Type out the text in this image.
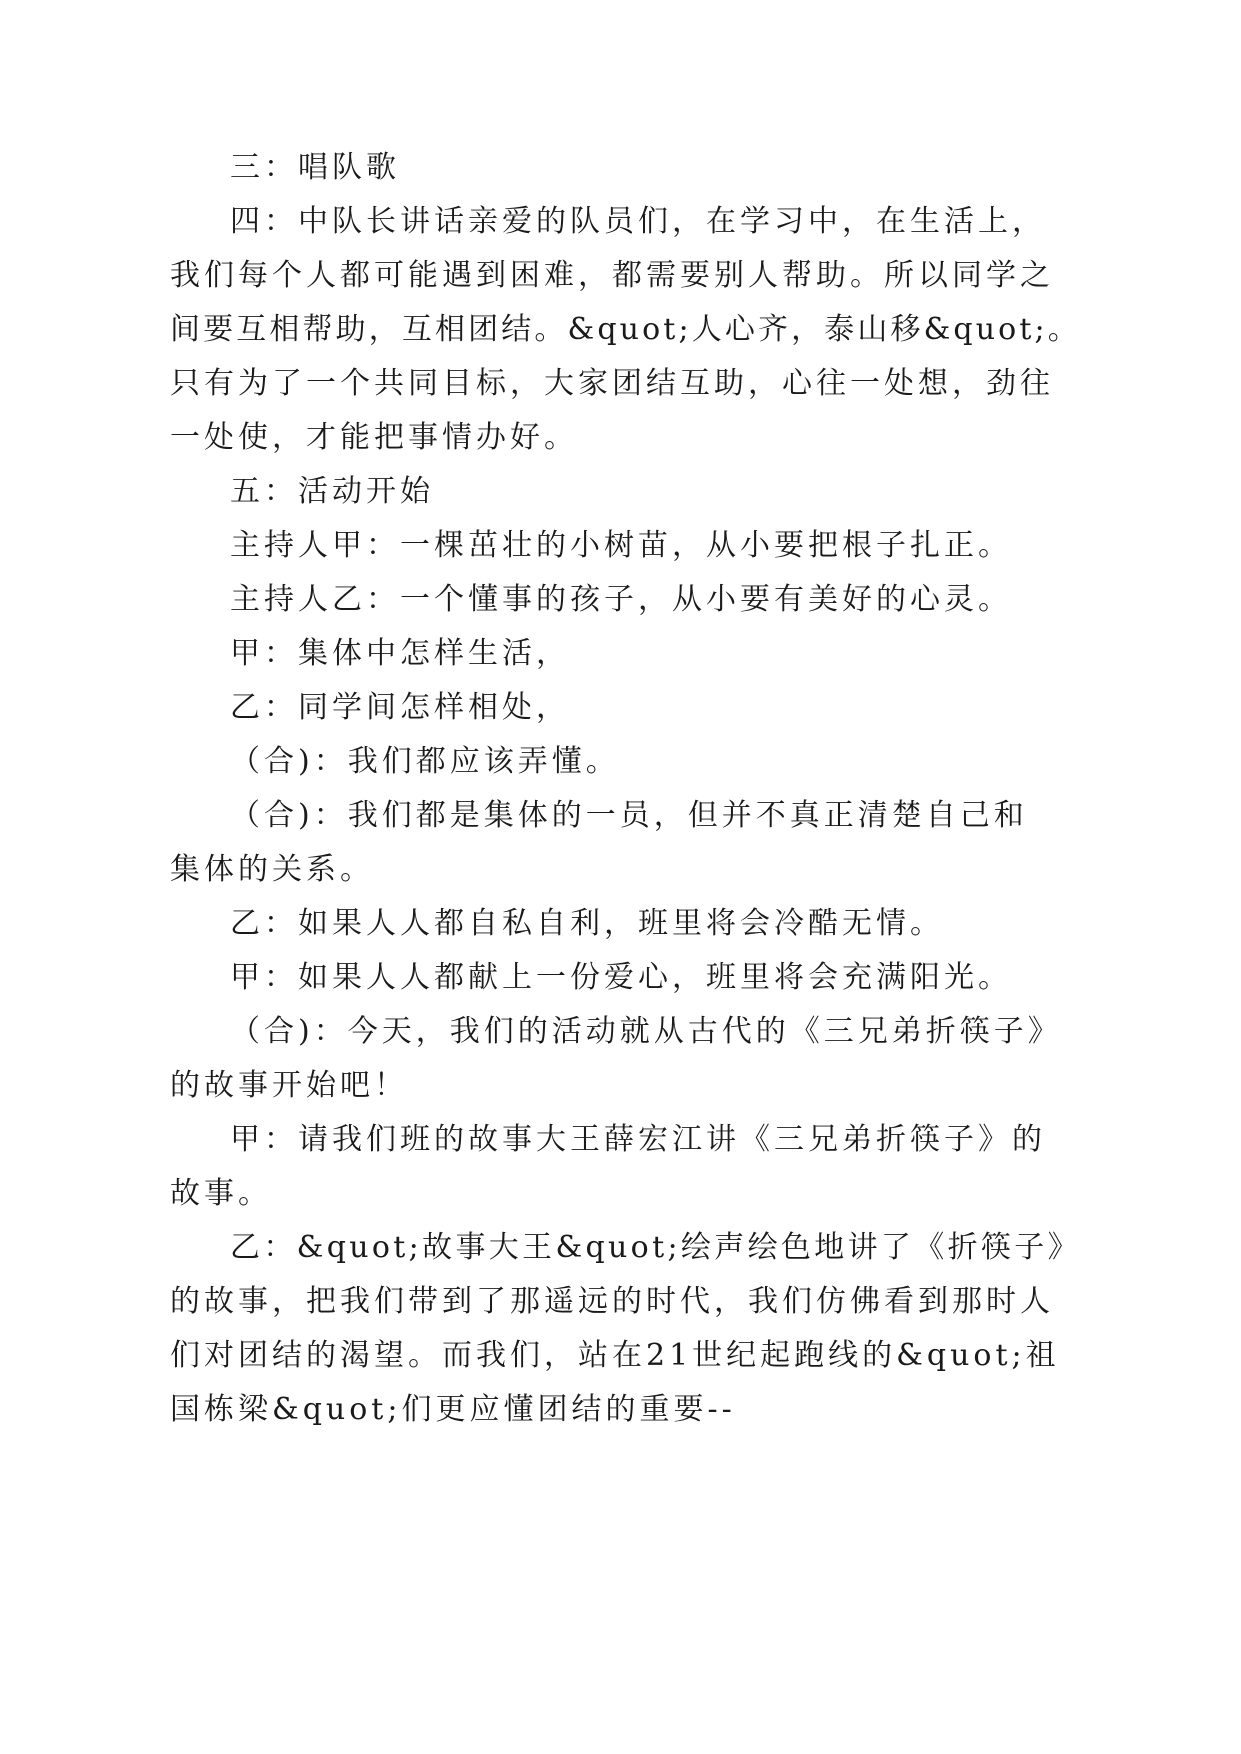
三：唱队歌
四：中队长讲话亲爱的队员们，在学习中，在生活上，
我们每个人都可能遇到困难，都需要别人帮助。所以同学之
间要互相帮助，互相团结。&quot;人心齐，泰山移&quot;。
只有为了一个共同目标，大家团结互助，心往一处想，劲往
一处使，才能把事情办好。
五：活动开始
主持人甲：一棵茁壮的小树苗，从小要把根子扎正。
主持人乙：一个懂事的孩子，从小要有美好的心灵。
甲：集体中怎样生活，
乙：同学间怎样相处，
（合)：我们都应该弄懂。
（合)：我们都是集体的一员，但并不真正清楚自己和
集体的关系。
乙：如果人人都自私自利，班里将会冷酷无情。
甲：如果人人都献上一份爱心，班里将会充满阳光。
（合)：今天，我们的活动就从古代的《三兄弟折筷子》
的故事开始吧！
甲：请我们班的故事大王薛宏江讲《三兄弟折筷子》的
故事。
乙：&quot;故事大王&quot;绘声绘色地讲了《折筷子》
的故事，把我们带到了那遥远的时代，我们仿佛看到那时人
们对团结的渴望。而我们，站在21世纪起跑线的&quot;祖
国栋梁&quot;们更应懂团结的重要--
